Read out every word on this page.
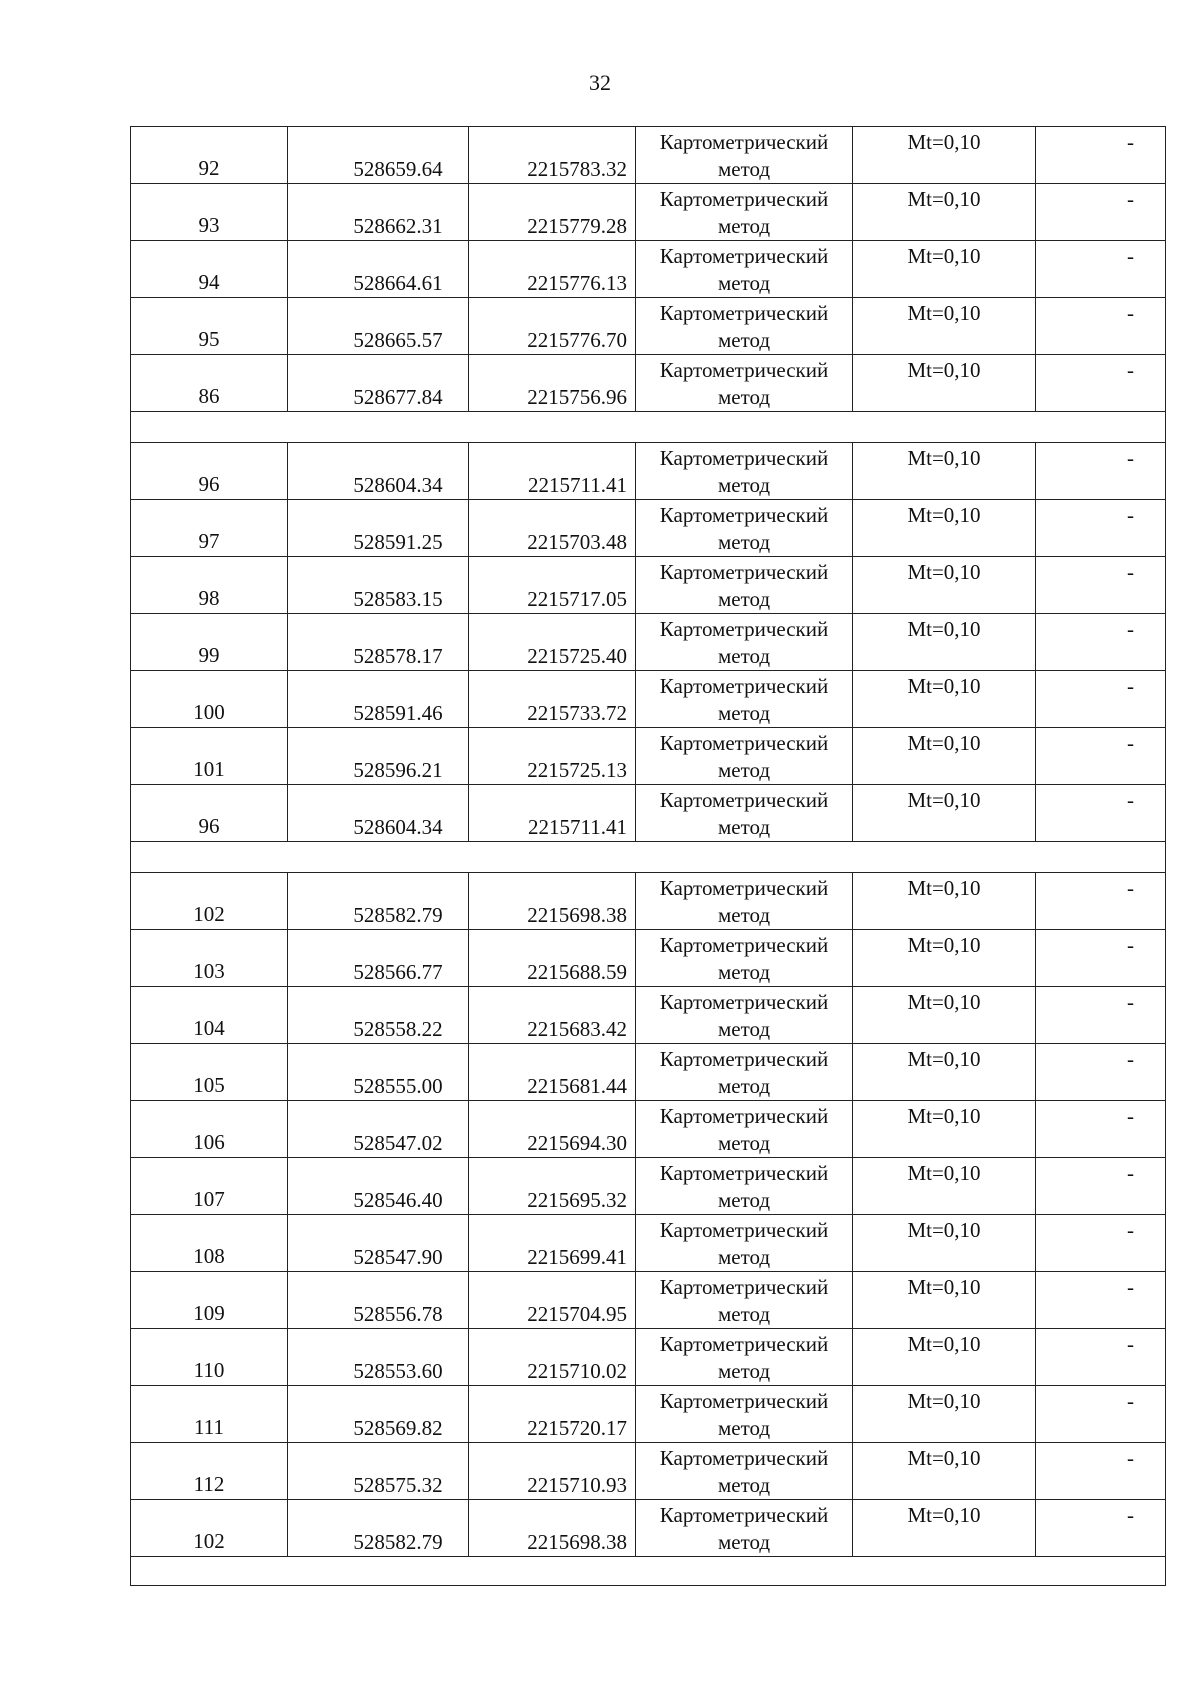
32
92	528659.64	2215783.32	Картометрический
метод	Mt=0,10	-
93	528662.31	2215779.28	Картометрический
метод	Mt=0,10	-
94	528664.61	2215776.13	Картометрический
метод	Mt=0,10	-
95	528665.57	2215776.70	Картометрический
метод	Mt=0,10	-
86	528677.84	2215756.96	Картометрический
метод	Mt=0,10	-

96	528604.34	2215711.41	Картометрический
метод	Mt=0,10	-
97	528591.25	2215703.48	Картометрический
метод	Mt=0,10	-
98	528583.15	2215717.05	Картометрический
метод	Mt=0,10	-
99	528578.17	2215725.40	Картометрический
метод	Mt=0,10	-
100	528591.46	2215733.72	Картометрический
метод	Mt=0,10	-
101	528596.21	2215725.13	Картометрический
метод	Mt=0,10	-
96	528604.34	2215711.41	Картометрический
метод	Mt=0,10	-

102	528582.79	2215698.38	Картометрический
метод	Mt=0,10	-
103	528566.77	2215688.59	Картометрический
метод	Mt=0,10	-
104	528558.22	2215683.42	Картометрический
метод	Mt=0,10	-
105	528555.00	2215681.44	Картометрический
метод	Mt=0,10	-
106	528547.02	2215694.30	Картометрический
метод	Mt=0,10	-
107	528546.40	2215695.32	Картометрический
метод	Mt=0,10	-
108	528547.90	2215699.41	Картометрический
метод	Mt=0,10	-
109	528556.78	2215704.95	Картометрический
метод	Mt=0,10	-
110	528553.60	2215710.02	Картометрический
метод	Mt=0,10	-
111	528569.82	2215720.17	Картометрический
метод	Mt=0,10	-
112	528575.32	2215710.93	Картометрический
метод	Mt=0,10	-
102	528582.79	2215698.38	Картометрический
метод	Mt=0,10	-
